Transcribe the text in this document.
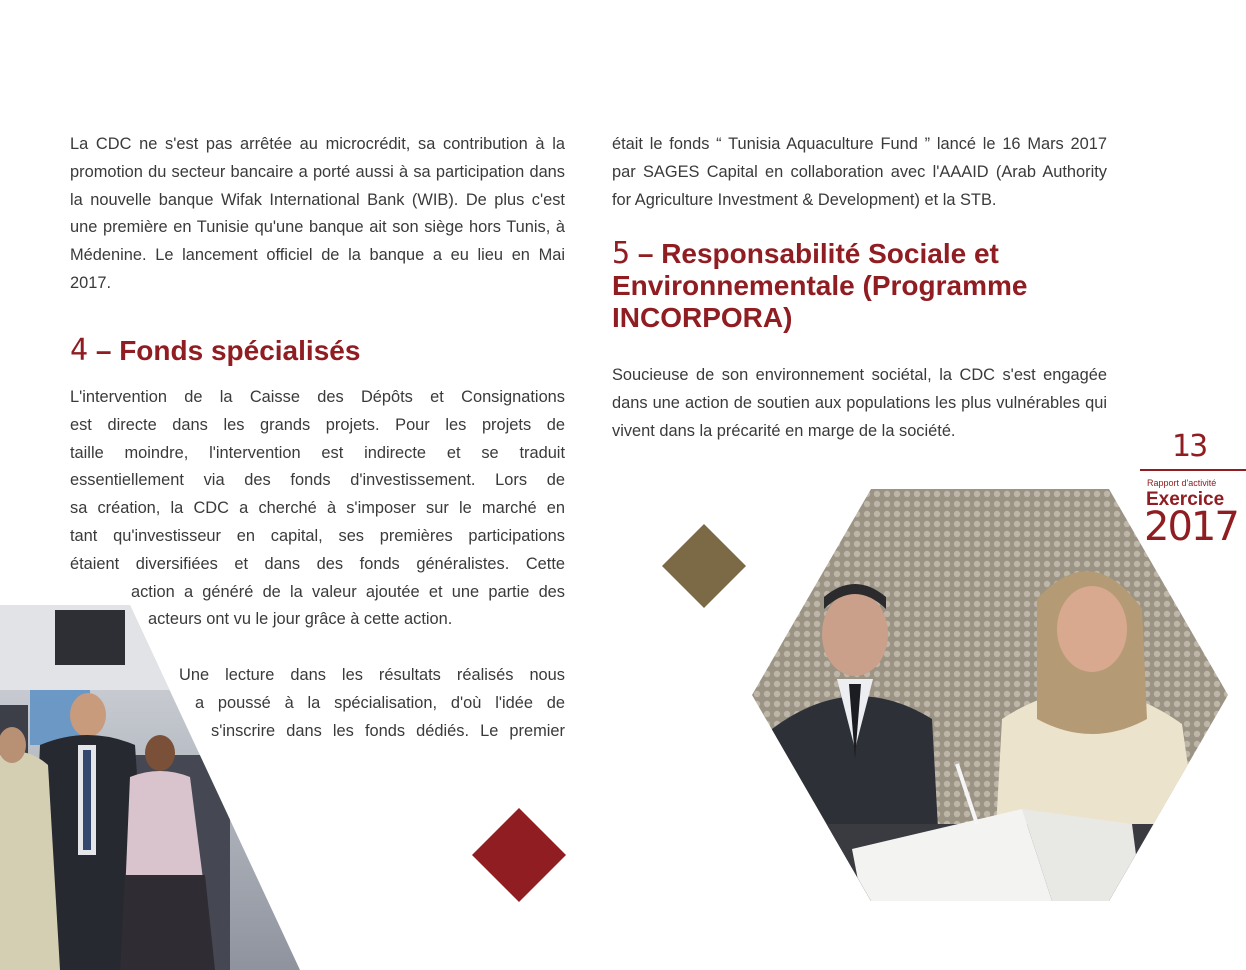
La CDC ne s'est pas arrêtée au microcrédit, sa contribution à la promotion du secteur bancaire a porté aussi à sa participation dans la nouvelle banque Wifak International Bank (WIB). De plus c'est une première en Tunisie qu'une banque ait son siège hors Tunis, à Médenine. Le lancement officiel de la banque a eu lieu en Mai 2017.

4 – Fonds spécialisés
L'intervention de la Caisse des Dépôts et Consignations
est directe dans les grands projets. Pour les projets de
taille moindre, l'intervention est indirecte et se traduit
essentiellement via des fonds d'investissement. Lors de
sa création, la CDC a cherché à s'imposer sur le marché en
tant qu'investisseur en capital, ses premières participations
étaient diversifiées et dans des fonds généralistes. Cette
action a généré de la valeur ajoutée et une partie des
acteurs ont vu le jour grâce à cette action.
Une lecture dans les résultats réalisés nous
a poussé à la spécialisation, d'où l'idée de
s'inscrire dans les fonds dédiés. Le premier

était le fonds “ Tunisia Aquaculture Fund ” lancé le 16 Mars 2017 par SAGES Capital en collaboration avec l'AAAID (Arab Authority for Agriculture Investment & Development) et la STB.

5 – Responsabilité Sociale et
Environnementale (Programme
INCORPORA)

Soucieuse de son environnement sociétal, la CDC s'est engagée dans une action de soutien aux populations les plus vulnérables qui vivent dans la précarité en marge de la société.	13
Rapport d'activité
Exercice
2017
